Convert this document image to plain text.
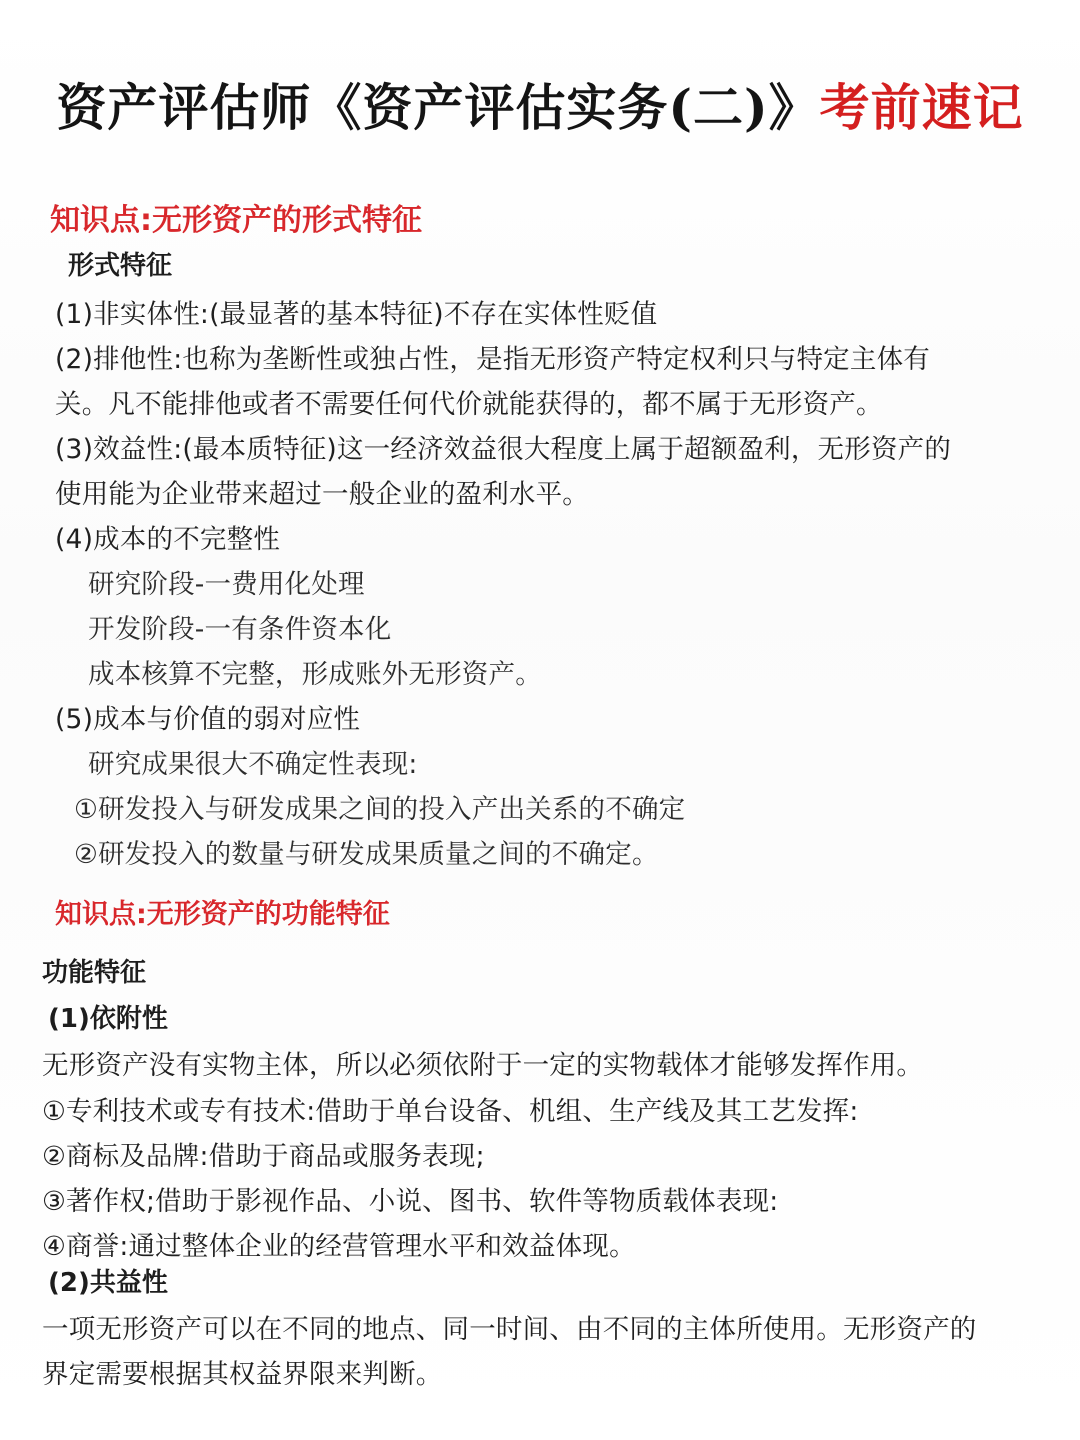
资产评估师《资产评估实务(二)》考前速记
知识点:无形资产的形式特征
形式特征
(1)非实体性:(最显著的基本特征)不存在实体性贬值
(2)排他性:也称为垄断性或独占性，是指无形资产特定权利只与特定主体有
关。凡不能排他或者不需要任何代价就能获得的，都不属于无形资产。
(3)效益性:(最本质特征)这一经济效益很大程度上属于超额盈利，无形资产的
使用能为企业带来超过一般企业的盈利水平。
(4)成本的不完整性
研究阶段-一费用化处理
开发阶段-一有条件资本化
成本核算不完整，形成账外无形资产。
(5)成本与价值的弱对应性
研究成果很大不确定性表现:
①研发投入与研发成果之间的投入产出关系的不确定
②研发投入的数量与研发成果质量之间的不确定。
知识点:无形资产的功能特征
功能特征
(1)依附性
无形资产没有实物主体，所以必须依附于一定的实物载体才能够发挥作用。
①专利技术或专有技术:借助于单台设备、机组、生产线及其工艺发挥:
②商标及品牌:借助于商品或服务表现;
③著作权;借助于影视作品、小说、图书、软件等物质载体表现:
④商誉:通过整体企业的经营管理水平和效益体现。
(2)共益性
一项无形资产可以在不同的地点、同一时间、由不同的主体所使用。无形资产的
界定需要根据其权益界限来判断。
